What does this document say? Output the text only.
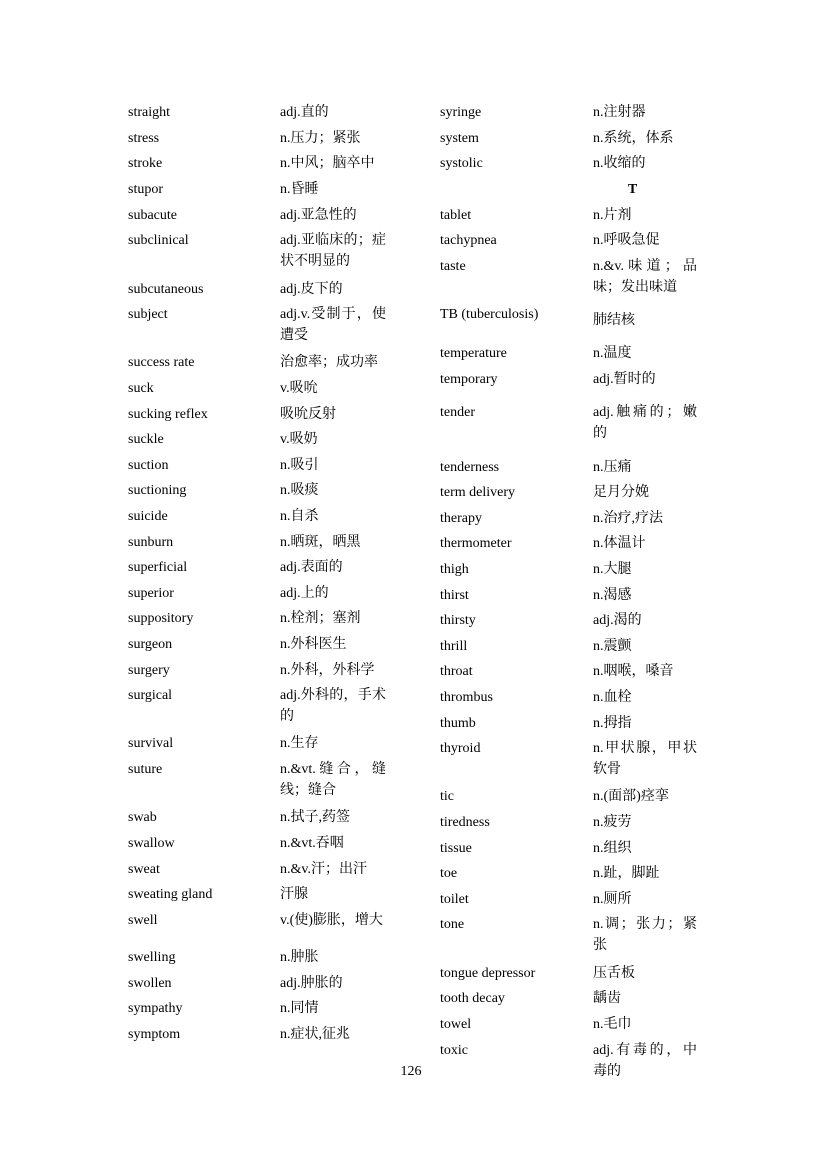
straight	adj.直的
stress	n.压力；紧张
stroke	n.中风；脑卒中
stupor	n.昏睡
subacute	adj.亚急性的
subclinical	adj.亚临床的；症状不明显的
subcutaneous	adj.皮下的
subject	adj.v.受制于，使遭受
success rate	治愈率；成功率
suck	v.吸吮
sucking reflex	吸吮反射
suckle	v.吸奶
suction	n.吸引
suctioning	n.吸痰
suicide	n.自杀
sunburn	n.晒斑，晒黑
superficial	adj.表面的
superior	adj.上的
suppository	n.栓剂；塞剂
surgeon	n.外科医生
surgery	n.外科，外科学
surgical	adj.外科的，手术的
survival	n.生存
suture	n.&vt.缝合，缝线；缝合
swab	n.拭子,药签
swallow	n.&vt.吞咽
sweat	n.&v.汗；出汗
sweating gland	汗腺
swell	v.(使)膨胀，增大
swelling	n.肿胀
swollen	adj.肿胀的
sympathy	n.同情
symptom	n.症状,征兆
syringe	n.注射器
system	n.系统，体系
systolic	n.收缩的
T
tablet	n.片剂
tachypnea	n.呼吸急促
taste	n.&v.味道；品味；发出味道
TB (tuberculosis)	肺结核
temperature	n.温度
temporary	adj.暂时的
tender	adj.触痛的；嫩的
tenderness	n.压痛
term delivery	足月分娩
therapy	n.治疗,疗法
thermometer	n.体温计
thigh	n.大腿
thirst	n.渴感
thirsty	adj.渴的
thrill	n.震颤
throat	n.咽喉，嗓音
thrombus	n.血栓
thumb	n.拇指
thyroid	n.甲状腺，甲状软骨
tic	n.(面部)痉挛
tiredness	n.疲劳
tissue	n.组织
toe	n.趾，脚趾
toilet	n.厕所
tone	n.调；张力；紧张
tongue depressor	压舌板
tooth decay	龋齿
towel	n.毛巾
toxic	adj.有毒的，中毒的
126
